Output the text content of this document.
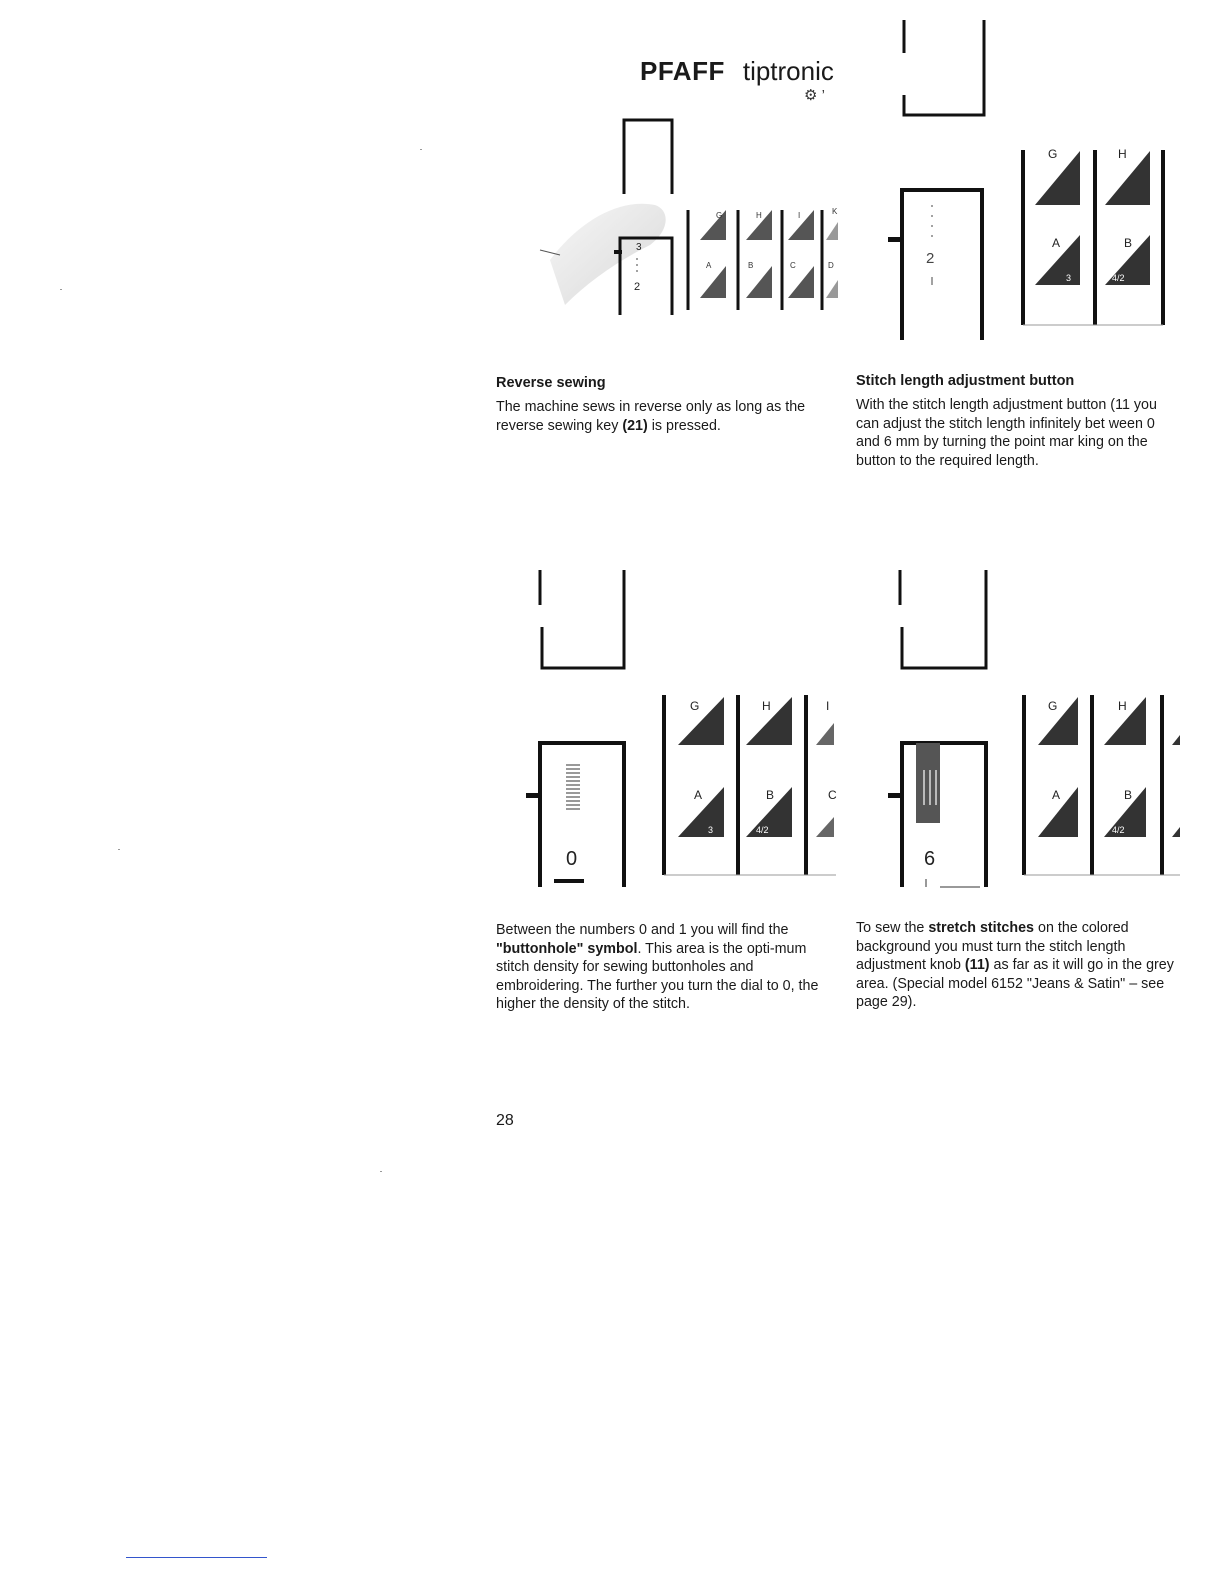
PFAFF tiptronic
⚙ ’
3
2
G	H	I	K
A	B	C	D	2
G	H
A	B
3	4/2
Reverse sewing
The machine sews in reverse only as long as the reverse sewing key (21) is pressed.
Stitch length adjustment button
With the stitch length adjustment button (11 you can adjust the stitch length infinitely bet ween 0 and 6 mm by turning the point mar king on the button to the required length.
0
G	H	I
A	B	C
3	4/2
6
G	H
A	B
4/2
Between the numbers 0 and 1 you will find the "buttonhole" symbol. This area is the opti-mum stitch density for sewing buttonholes and embroidering. The further you turn the dial to 0, the higher the density of the stitch.
To sew the stretch stitches on the colored background you must turn the stitch length adjustment knob (11) as far as it will go in the grey area. (Special model 6152 "Jeans & Satin" – see page 29).
28
